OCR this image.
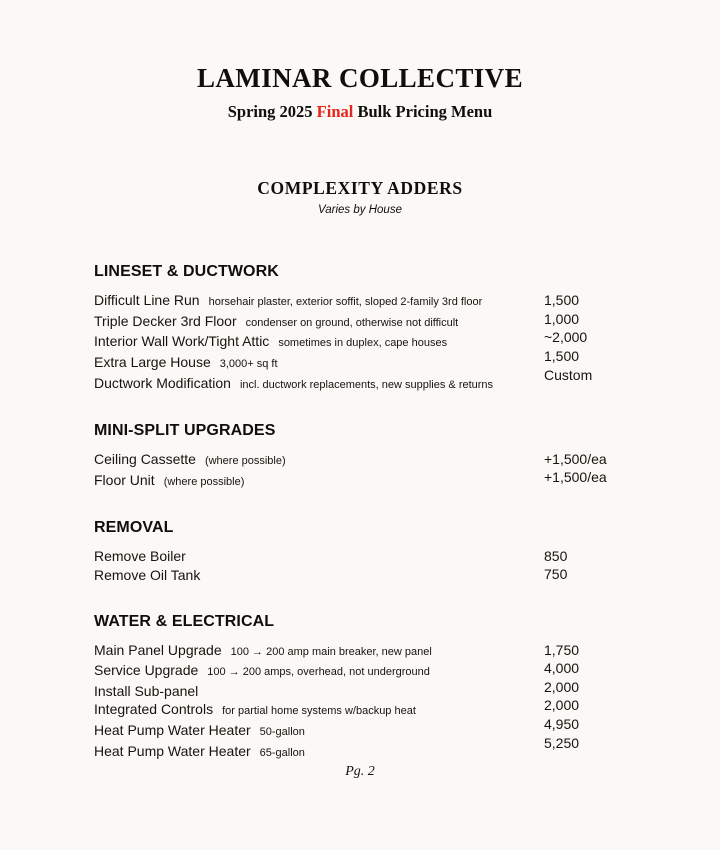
LAMINAR COLLECTIVE
Spring 2025 Final Bulk Pricing Menu
COMPLEXITY ADDERS
Varies by House
LINESET & DUCTWORK
Difficult Line Run horsehair plaster, exterior soffit, sloped 2-family 3rd floor
Triple Decker 3rd Floor condenser on ground, otherwise not difficult
Interior Wall Work/Tight Attic sometimes in duplex, cape houses
Extra Large House 3,000+ sq ft
Ductwork Modification incl. ductwork replacements, new supplies & returns
1,500
1,000
~2,000
1,500
Custom
MINI-SPLIT UPGRADES
Ceiling Cassette (where possible)
Floor Unit (where possible)
+1,500/ea
+1,500/ea
REMOVAL
Remove Boiler
Remove Oil Tank
850
750
WATER & ELECTRICAL
Main Panel Upgrade 100 → 200 amp main breaker, new panel
Service Upgrade 100 → 200 amps, overhead, not underground
Install Sub-panel
Integrated Controls for partial home systems w/backup heat
Heat Pump Water Heater 50-gallon
Heat Pump Water Heater 65-gallon
1,750
4,000
2,000
2,000
4,950
5,250
Pg. 2
